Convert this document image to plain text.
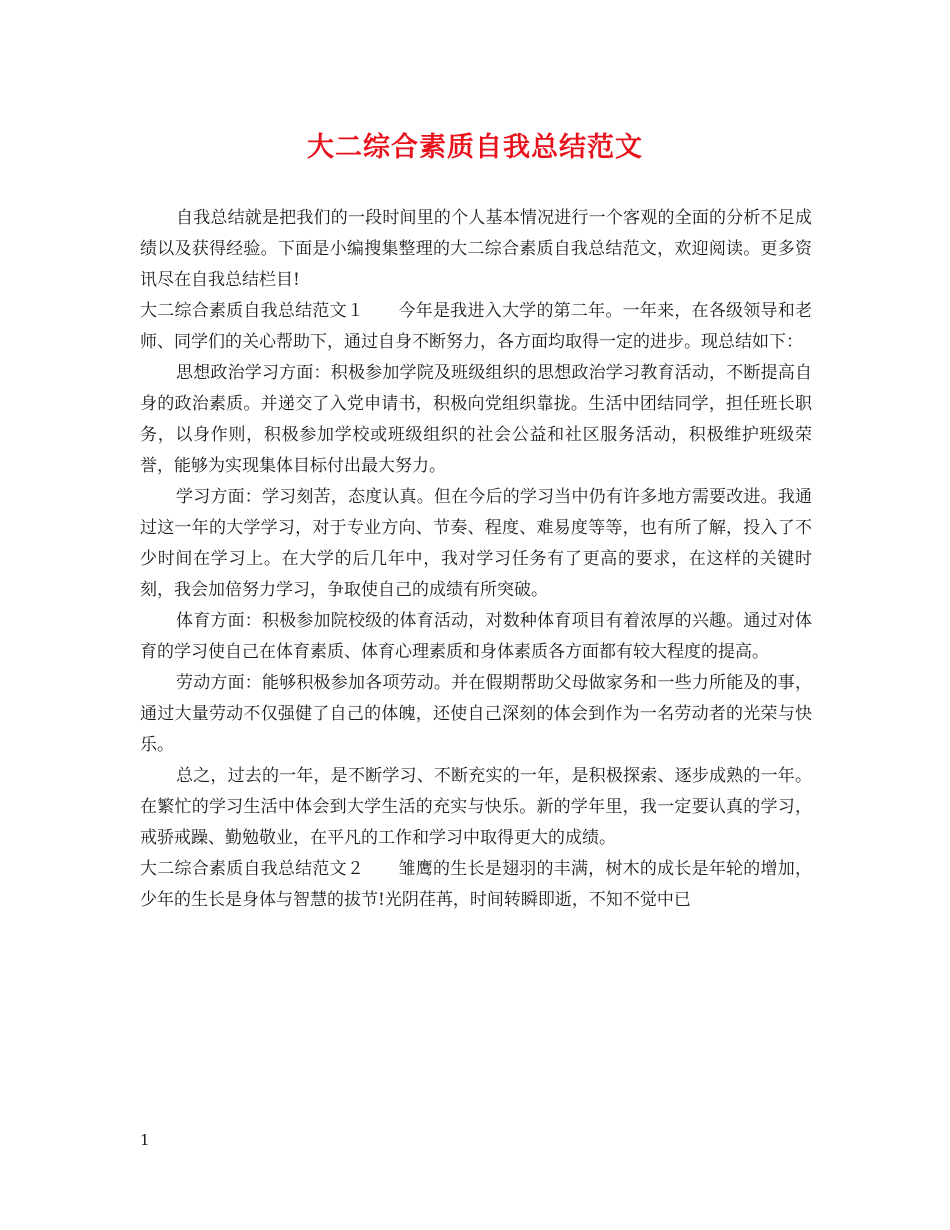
大二综合素质自我总结范文

自我总结就是把我们的一段时间里的个人基本情况进行一个客观的全面的分析不足成绩以及获得经验。下面是小编搜集整理的大二综合素质自我总结范文，欢迎阅读。更多资讯尽在自我总结栏目!

大二综合素质自我总结范文１　　今年是我进入大学的第二年。一年来，在各级领导和老师、同学们的关心帮助下，通过自身不断努力，各方面均取得一定的进步。现总结如下：

思想政治学习方面：积极参加学院及班级组织的思想政治学习教育活动，不断提高自身的政治素质。并递交了入党申请书，积极向党组织靠拢。生活中团结同学，担任班长职务，以身作则，积极参加学校或班级组织的社会公益和社区服务活动，积极维护班级荣誉，能够为实现集体目标付出最大努力。

学习方面：学习刻苦，态度认真。但在今后的学习当中仍有许多地方需要改进。我通过这一年的大学学习，对于专业方向、节奏、程度、难易度等等，也有所了解，投入了不少时间在学习上。在大学的后几年中，我对学习任务有了更高的要求，在这样的关键时刻，我会加倍努力学习，争取使自己的成绩有所突破。

体育方面：积极参加院校级的体育活动，对数种体育项目有着浓厚的兴趣。通过对体育的学习使自己在体育素质、体育心理素质和身体素质各方面都有较大程度的提高。

劳动方面：能够积极参加各项劳动。并在假期帮助父母做家务和一些力所能及的事，通过大量劳动不仅强健了自己的体魄，还使自己深刻的体会到作为一名劳动者的光荣与快乐。

总之，过去的一年，是不断学习、不断充实的一年，是积极探索、逐步成熟的一年。在繁忙的学习生活中体会到大学生活的充实与快乐。新的学年里，我一定要认真的学习，戒骄戒躁、勤勉敬业，在平凡的工作和学习中取得更大的成绩。

大二综合素质自我总结范文２　　雏鹰的生长是翅羽的丰满，树木的成长是年轮的增加，少年的生长是身体与智慧的拔节!光阴荏苒，时间转瞬即逝，不知不觉中已

1
